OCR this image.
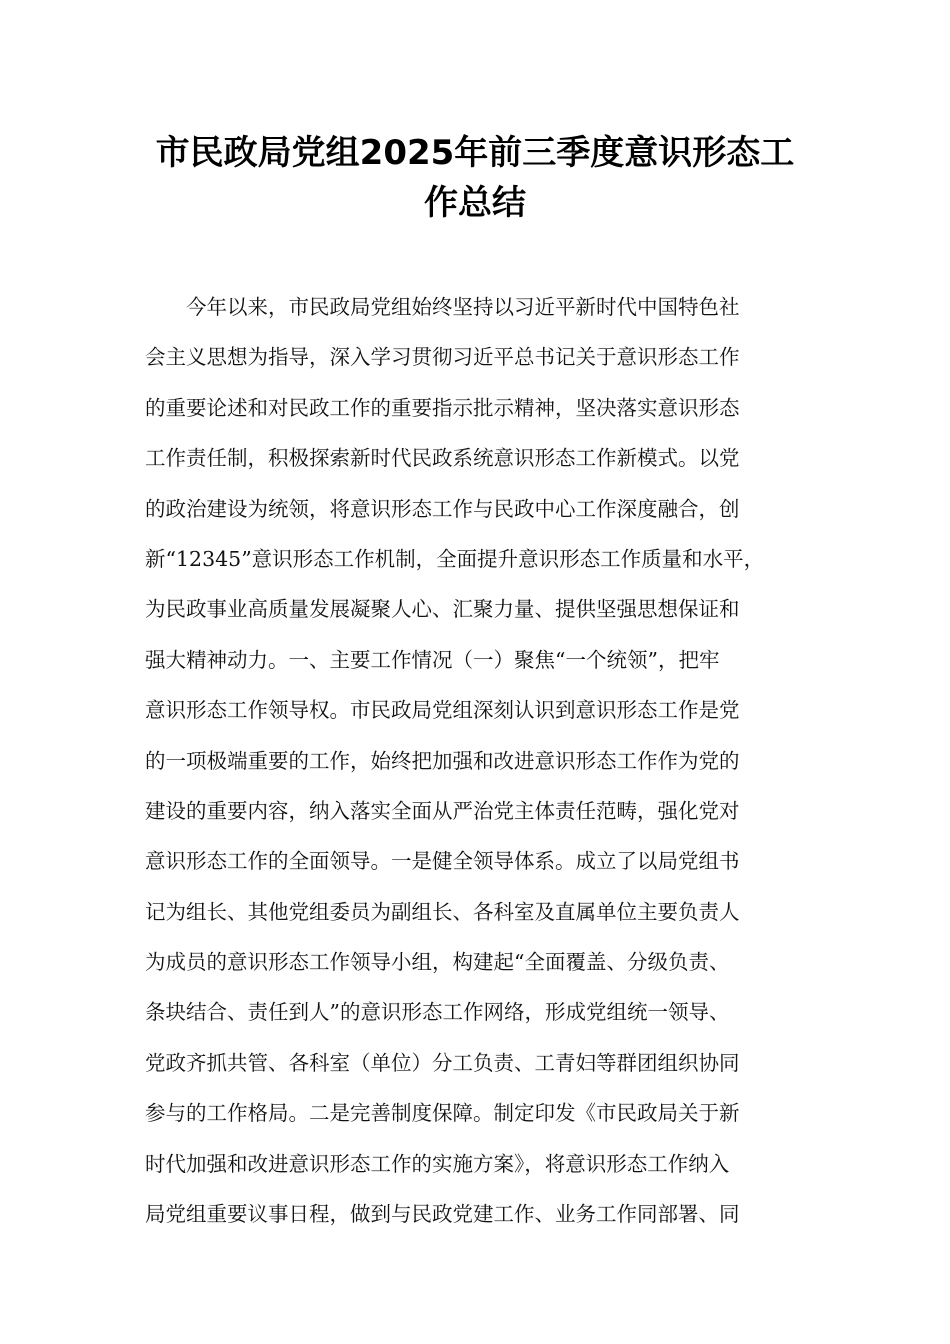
市民政局党组2025年前三季度意识形态工
作总结
　　今年以来，市民政局党组始终坚持以习近平新时代中国特色社
会主义思想为指导，深入学习贯彻习近平总书记关于意识形态工作
的重要论述和对民政工作的重要指示批示精神，坚决落实意识形态
工作责任制，积极探索新时代民政系统意识形态工作新模式。以党
的政治建设为统领，将意识形态工作与民政中心工作深度融合，创
新“12345”意识形态工作机制，全面提升意识形态工作质量和水平，
为民政事业高质量发展凝聚人心、汇聚力量、提供坚强思想保证和
强大精神动力。一、主要工作情况（一）聚焦“一个统领”，把牢
意识形态工作领导权。市民政局党组深刻认识到意识形态工作是党
的一项极端重要的工作，始终把加强和改进意识形态工作作为党的
建设的重要内容，纳入落实全面从严治党主体责任范畴，强化党对
意识形态工作的全面领导。一是健全领导体系。成立了以局党组书
记为组长、其他党组委员为副组长、各科室及直属单位主要负责人
为成员的意识形态工作领导小组，构建起“全面覆盖、分级负责、
条块结合、责任到人”的意识形态工作网络，形成党组统一领导、
党政齐抓共管、各科室（单位）分工负责、工青妇等群团组织协同
参与的工作格局。二是完善制度保障。制定印发《市民政局关于新
时代加强和改进意识形态工作的实施方案》，将意识形态工作纳入
局党组重要议事日程，做到与民政党建工作、业务工作同部署、同
